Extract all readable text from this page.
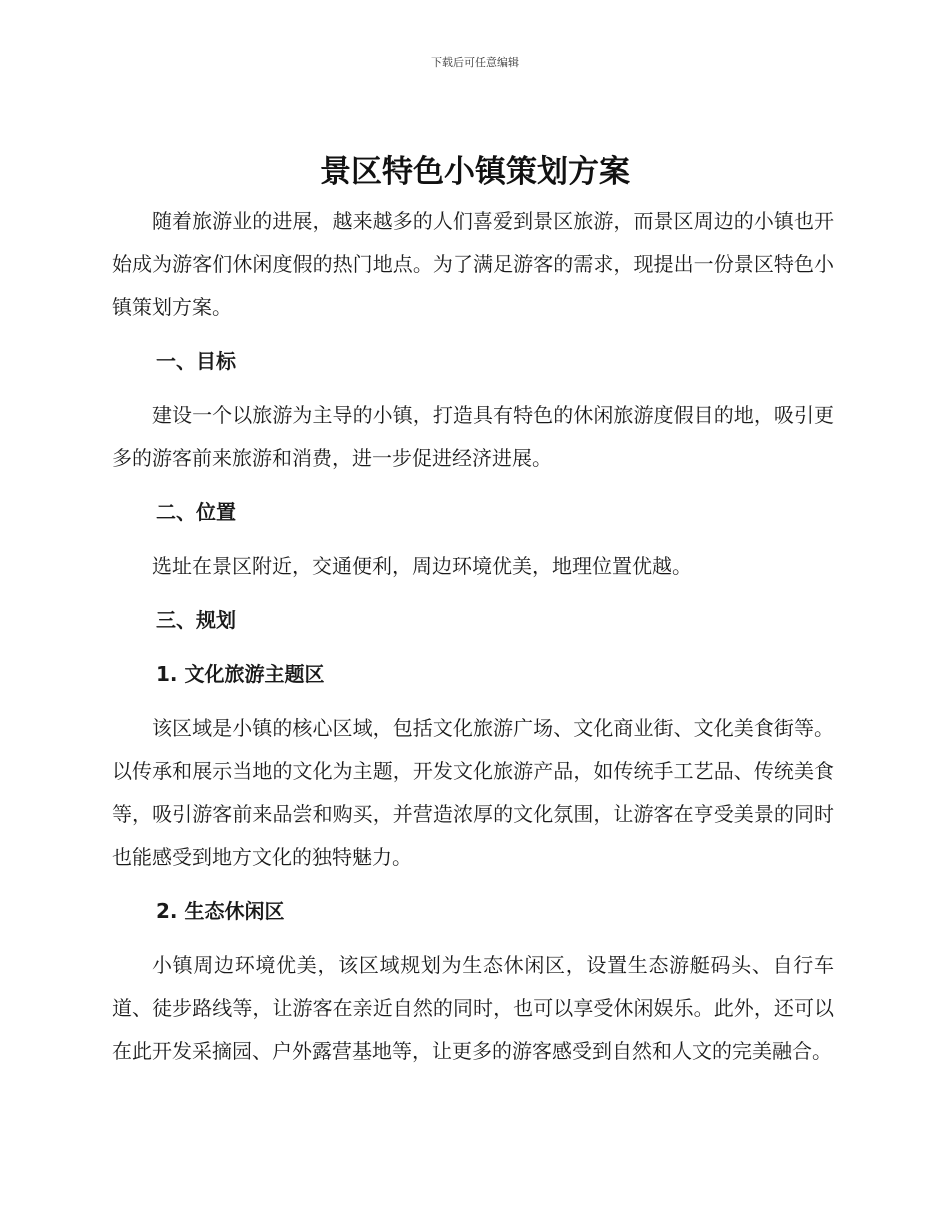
下载后可任意编辑
景区特色小镇策划方案

随着旅游业的进展，越来越多的人们喜爱到景区旅游，而景区周边的小镇也开始成为游客们休闲度假的热门地点。为了满足游客的需求，现提出一份景区特色小镇策划方案。

一、目标

建设一个以旅游为主导的小镇，打造具有特色的休闲旅游度假目的地，吸引更多的游客前来旅游和消费，进一步促进经济进展。

二、位置

选址在景区附近，交通便利，周边环境优美，地理位置优越。

三、规划

1. 文化旅游主题区

该区域是小镇的核心区域，包括文化旅游广场、文化商业街、文化美食街等。以传承和展示当地的文化为主题，开发文化旅游产品，如传统手工艺品、传统美食等，吸引游客前来品尝和购买，并营造浓厚的文化氛围，让游客在亨受美景的同时也能感受到地方文化的独特魅力。

2. 生态休闲区

小镇周边环境优美，该区域规划为生态休闲区，设置生态游艇码头、自行车道、徒步路线等，让游客在亲近自然的同时，也可以享受休闲娱乐。此外，还可以在此开发采摘园、户外露营基地等，让更多的游客感受到自然和人文的完美融合。
